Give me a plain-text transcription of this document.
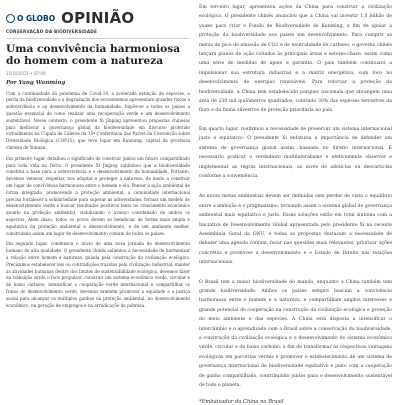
O GLOBO OPINIÃO
CONSERVAÇÃO DA BIODIVERSIDADE
Uma convivência harmoniosa do homem com a natureza
15/10/2021 • 07:00
Por Yang Wanming

Com a continuidade da pandemia de Covid-19, a acelerada extinção de espécies, a perda da biodiversidade e a degradação dos ecossistemas apresentam grandes riscos à sobrevivência e ao desenvolvimento da humanidade. Impõe-se a todos os países a questão essencial de como realizar uma recuperação verde e um desenvolvimento sustentável. Nesse contexto, o presidente Xi Jinping apresentou propostas chinesas para melhorar a governança global da biodiversidade em discurso proferido virtualmente na Cúpula de Líderes da 15ª Conferência das Partes da Convenção sobre Diversidade Biológica (COP15), que teve lugar em Kunming, capital da província chinesa de Yunnan.

Em primeiro lugar, detalhou o significado de construir juntos um futuro compartilhado para toda vida na Terra. O presidente Xi Jinping sublinhou que a biodiversidade constitui a base para a sobrevivência e o desenvolvimento da humanidade. Portanto, devemos venerar, respeitar, nos adaptar e proteger a natureza, de modo a construir um lugar de convivência harmoniosa entre o homem e ela. Pensar a ação ambiental de forma integrada, promovendo a proteção ambiental, a comunidade internacional precisa fortalecer a solidariedade para superar as adversidades, formar um modelo de desenvolvimento verde e buscar resultados positivos tanto no crescimento econômico quanto na proteção ambiental, viabilizando o avanço coordenado de ambos os aspectos. Além disso, todos os povos devem se beneficiar de forma mais ampla e equitativa da proteção ambiental e desenvolvimento, e de um ambiente melhor, construindo assim um lugar de desenvolvimento comum de todos os países.

Em segundo lugar, condensou o início de uma nova jornada de desenvolvimento humano de alta qualidade. O presidente chinês salientou a necessidade de harmonizar a relação entre homem e natureza, guiada pela construção da civilização ecológica. Precisamos estabelecer leis ou contradições trazidas pela civilização industrial, manter as atividades humanas dentro dos limites de sustentabilidade ecológica, devemos fazer da transição verde o foco propulsor, construir um sistema econômico verde, circular e de baixo carbono, intensificar a cooperação verde internacional e compartilhar os frutos do desenvolvimento verde, devemos também promover a equidade e a justiça social para alcançar os múltiplos ganhos na proteção ambiental, no desenvolvimento econômico, na geração de empregos e na erradicação da pobreza.

Em terceiro lugar, apresentou ações da China para construir a civilização ecológica. O presidente chinês anunciou que a China vai investir 1,5 bilhão de yuans para criar o Fundo de Biodiversidade de Kunming, a fim de apoiar a proteção da biodiversidade nos países em desenvolvimento. Para cumprir as metas do pico de emissão de CO2 e de neutralidade de carbono, o governo chinês lançará planos de ação voltados às principais áreas e setores-chave, assim como uma série de medidas de apoio e garantia. O país também continuará a impulsionar sua estrutura industrial e a matriz energética, com foco no desenvolvimento de energias renováveis. Para reforçar a proteção da biodiversidade, a China tem estabelecido parques nacionais que abrangem uma área de 230 mil quilômetros quadrados, cobrindo 30% das espécies terrestres da flora e da fauna silvestres de proteção prioritária no país.

Em quarto lugar, reafirmou a necessidade de preservar um sistema internacional justo e equitativo. O presidente Xi enfatizou a importância de defender um sistema de governança global assim, baseado no direito internacional. É necessário praticar o verdadeiro multilateralismo e efetivamente observar e implementar as regras internacionais, ao invés de adotá-las ou descartá-las conforme a conveniência.

As novas metas ambientais devem ser definidas sem perder de vista o equilíbrio entre a ambição e o pragmatismo, tornando assim o sistema global de governança ambiental mais equitativo e justo. Essas soluções estão em total sintonia com a Iniciativa de Desenvolvimento Global apresentada pelo presidente Xi na recente Assembleia Geral da ONU, e todas as propostas destacam a necessidade de debater uma agenda comum, focar nas questões mais relevantes, priorizar ações concretas e promover a desenvolvimento e o Estado de Direito nas relações internacionais.

O Brasil tem a maior biodiversidade do mundo, enquanto a China também tem grande biodiversidade. Ambos os países sempre buscam a convivência harmoniosa entre o homem e a natureza, e compartilham amplos interesses e grande potencial de cooperação na construção da civilização ecológica e proteção do meio ambiente e das espécies. A China está disposta a intensificar o intercâmbio e o aprendizado com o Brasil sobre a conservação da biodiversidade, a construção da civilização ecológica e o desenvolvimento do sistema econômico verde, circular e de baixo carbono, a fim de transformar as respectivas vantagens ecológicas em parcerias verdes e promover o estabelecimento de um sistema de governança internacional de biodiversidade equitativo e justo com a cooperação de ganho compartilhado, contribuindo juntos para o desenvolvimento sustentável de todo o planeta.

*Embaixador da China no Brasil
